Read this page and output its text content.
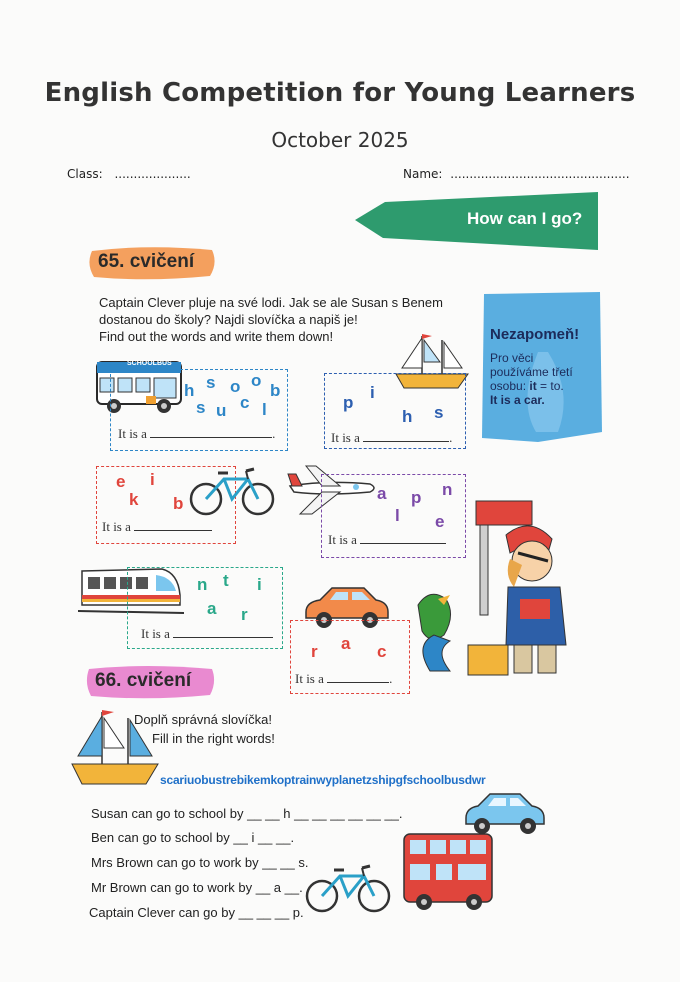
English Competition for Young Learners
October 2025
Class: ....................	Name: ...............................................
How can I go?
65. cvičení
Captain Clever pluje na své lodi. Jak se ale Susan s Benem
dostanou do školy? Najdi slovíčka a napiš je!
Find out the words and write them down!	Nezapomeň!
Pro věci
používáme třetí
osobu: it = to.
It is a car.
SCHOOLBUS
h s o o
b
s u c l
It is a	.
p
i
h s
It is a	.
e i
k b
It is a
a p n
l e
It is a
n t i
a r
It is a
r a c
It is a	.
66. cvičení
Doplň správná slovíčka!
Fill in the right words!
scariuobustrebikemkoptrainwyplanetzshipgfschoolbusdwr
Susan can go to school by __ __ h __ __ __ __ __ __.
Ben can go to school by __ i __ __.
Mrs Brown can go to work by __ __ s.
Mr Brown can go to work by __ a __.
Captain Clever can go by __ __ __ p.
